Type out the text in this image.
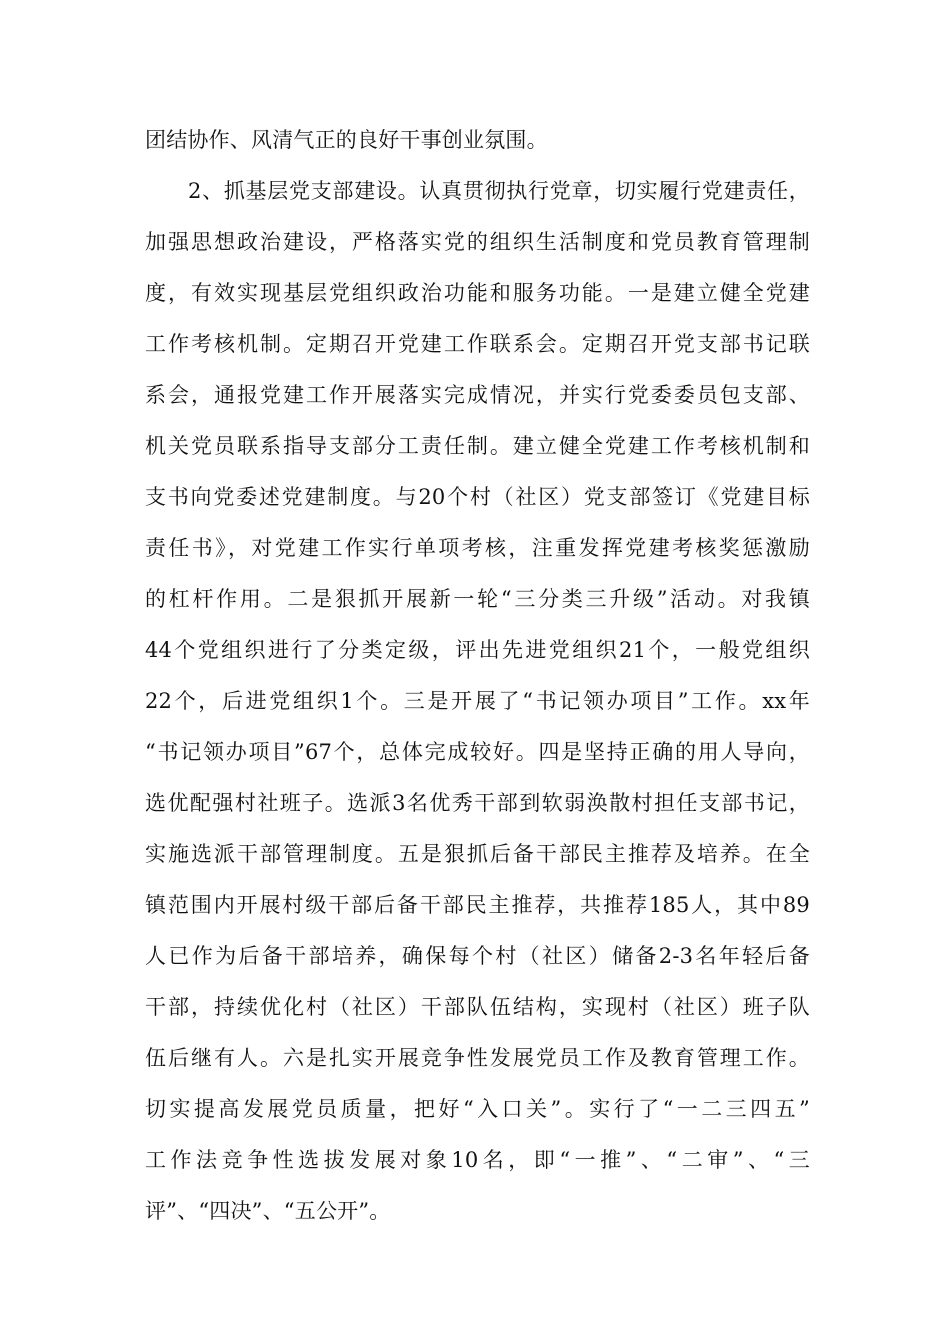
团结协作、风清气正的良好干事创业氛围。
2、抓基层党支部建设。认真贯彻执行党章，切实履行党建责任，
加强思想政治建设，严格落实党的组织生活制度和党员教育管理制
度，有效实现基层党组织政治功能和服务功能。一是建立健全党建
工作考核机制。定期召开党建工作联系会。定期召开党支部书记联
系会，通报党建工作开展落实完成情况，并实行党委委员包支部、
机关党员联系指导支部分工责任制。建立健全党建工作考核机制和
支书向党委述党建制度。与20个村（社区）党支部签订《党建目标
责任书》，对党建工作实行单项考核，注重发挥党建考核奖惩激励
的杠杆作用。二是狠抓开展新一轮“三分类三升级”活动。对我镇
44个党组织进行了分类定级，评出先进党组织21个，一般党组织
22个，后进党组织1个。三是开展了“书记领办项目”工作。xx年
“书记领办项目”67个，总体完成较好。四是坚持正确的用人导向，
选优配强村社班子。选派3名优秀干部到软弱涣散村担任支部书记，
实施选派干部管理制度。五是狠抓后备干部民主推荐及培养。在全
镇范围内开展村级干部后备干部民主推荐，共推荐185人，其中89
人已作为后备干部培养，确保每个村（社区）储备2-3名年轻后备
干部，持续优化村（社区）干部队伍结构，实现村（社区）班子队
伍后继有人。六是扎实开展竞争性发展党员工作及教育管理工作。
切实提高发展党员质量，把好“入口关”。实行了“一二三四五”
工作法竞争性选拔发展对象10名，即“一推”、“二审”、“三
评”、“四决”、“五公开”。
